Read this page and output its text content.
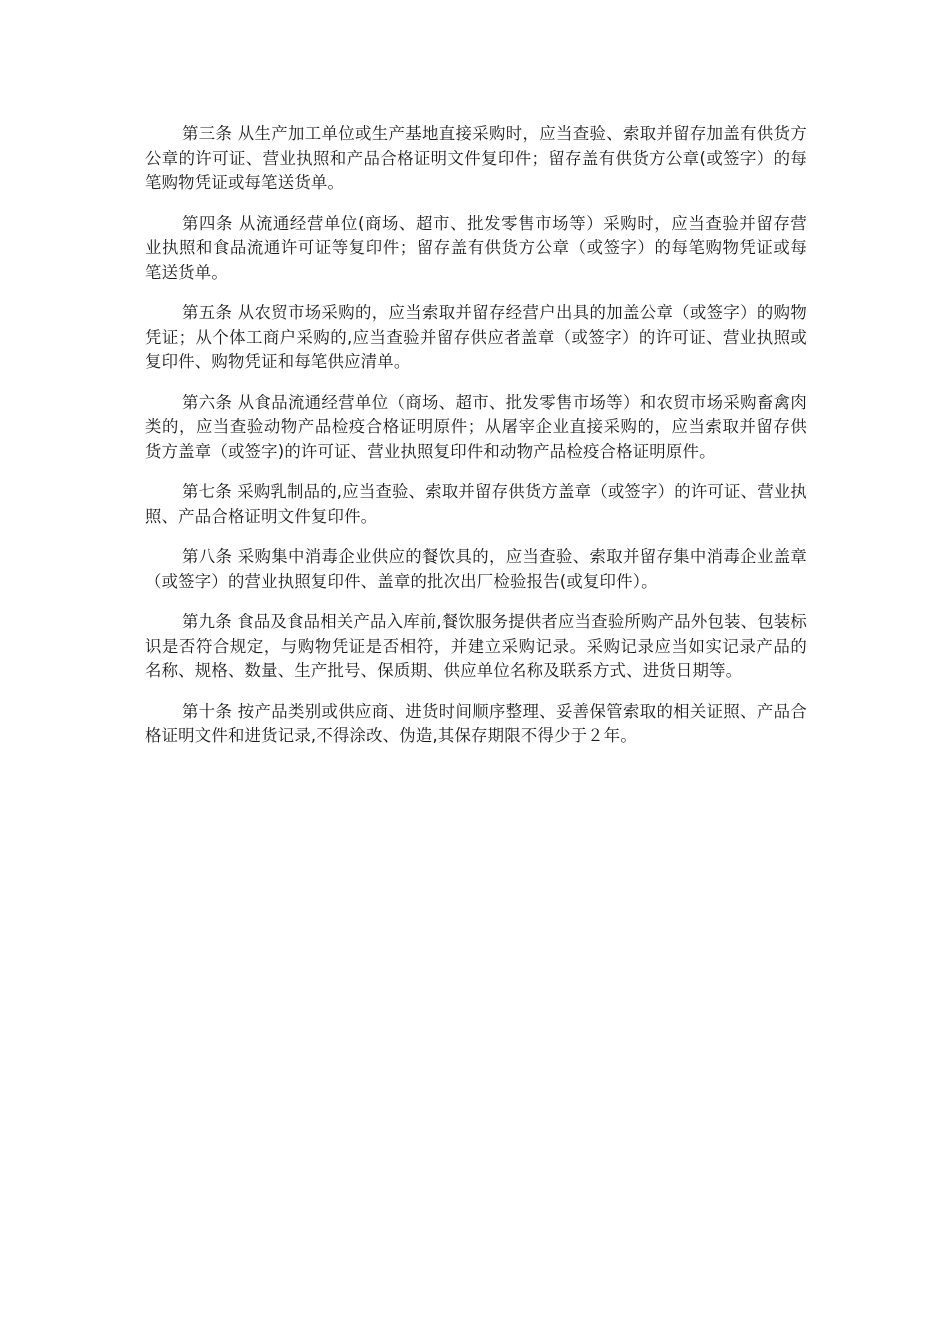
第三条 从生产加工单位或生产基地直接采购时，应当查验、索取并留存加盖有供货方公章的许可证、营业执照和产品合格证明文件复印件；留存盖有供货方公章(或签字）的每笔购物凭证或每笔送货单。

第四条 从流通经营单位(商场、超市、批发零售市场等）采购时，应当查验并留存营业执照和食品流通许可证等复印件；留存盖有供货方公章（或签字）的每笔购物凭证或每笔送货单。

第五条 从农贸市场采购的，应当索取并留存经营户出具的加盖公章（或签字）的购物凭证；从个体工商户采购的,应当查验并留存供应者盖章（或签字）的许可证、营业执照或复印件、购物凭证和每笔供应清单。

第六条 从食品流通经营单位（商场、超市、批发零售市场等）和农贸市场采购畜禽肉类的，应当查验动物产品检疫合格证明原件；从屠宰企业直接采购的，应当索取并留存供货方盖章（或签字)的许可证、营业执照复印件和动物产品检疫合格证明原件。

第七条 采购乳制品的,应当查验、索取并留存供货方盖章（或签字）的许可证、营业执照、产品合格证明文件复印件。

第八条 采购集中消毒企业供应的餐饮具的，应当查验、索取并留存集中消毒企业盖章（或签字）的营业执照复印件、盖章的批次出厂检验报告(或复印件）。

第九条 食品及食品相关产品入库前,餐饮服务提供者应当查验所购产品外包装、包装标识是否符合规定，与购物凭证是否相符，并建立采购记录。采购记录应当如实记录产品的名称、规格、数量、生产批号、保质期、供应单位名称及联系方式、进货日期等。

第十条 按产品类别或供应商、进货时间顺序整理、妥善保管索取的相关证照、产品合格证明文件和进货记录,不得涂改、伪造,其保存期限不得少于２年。
